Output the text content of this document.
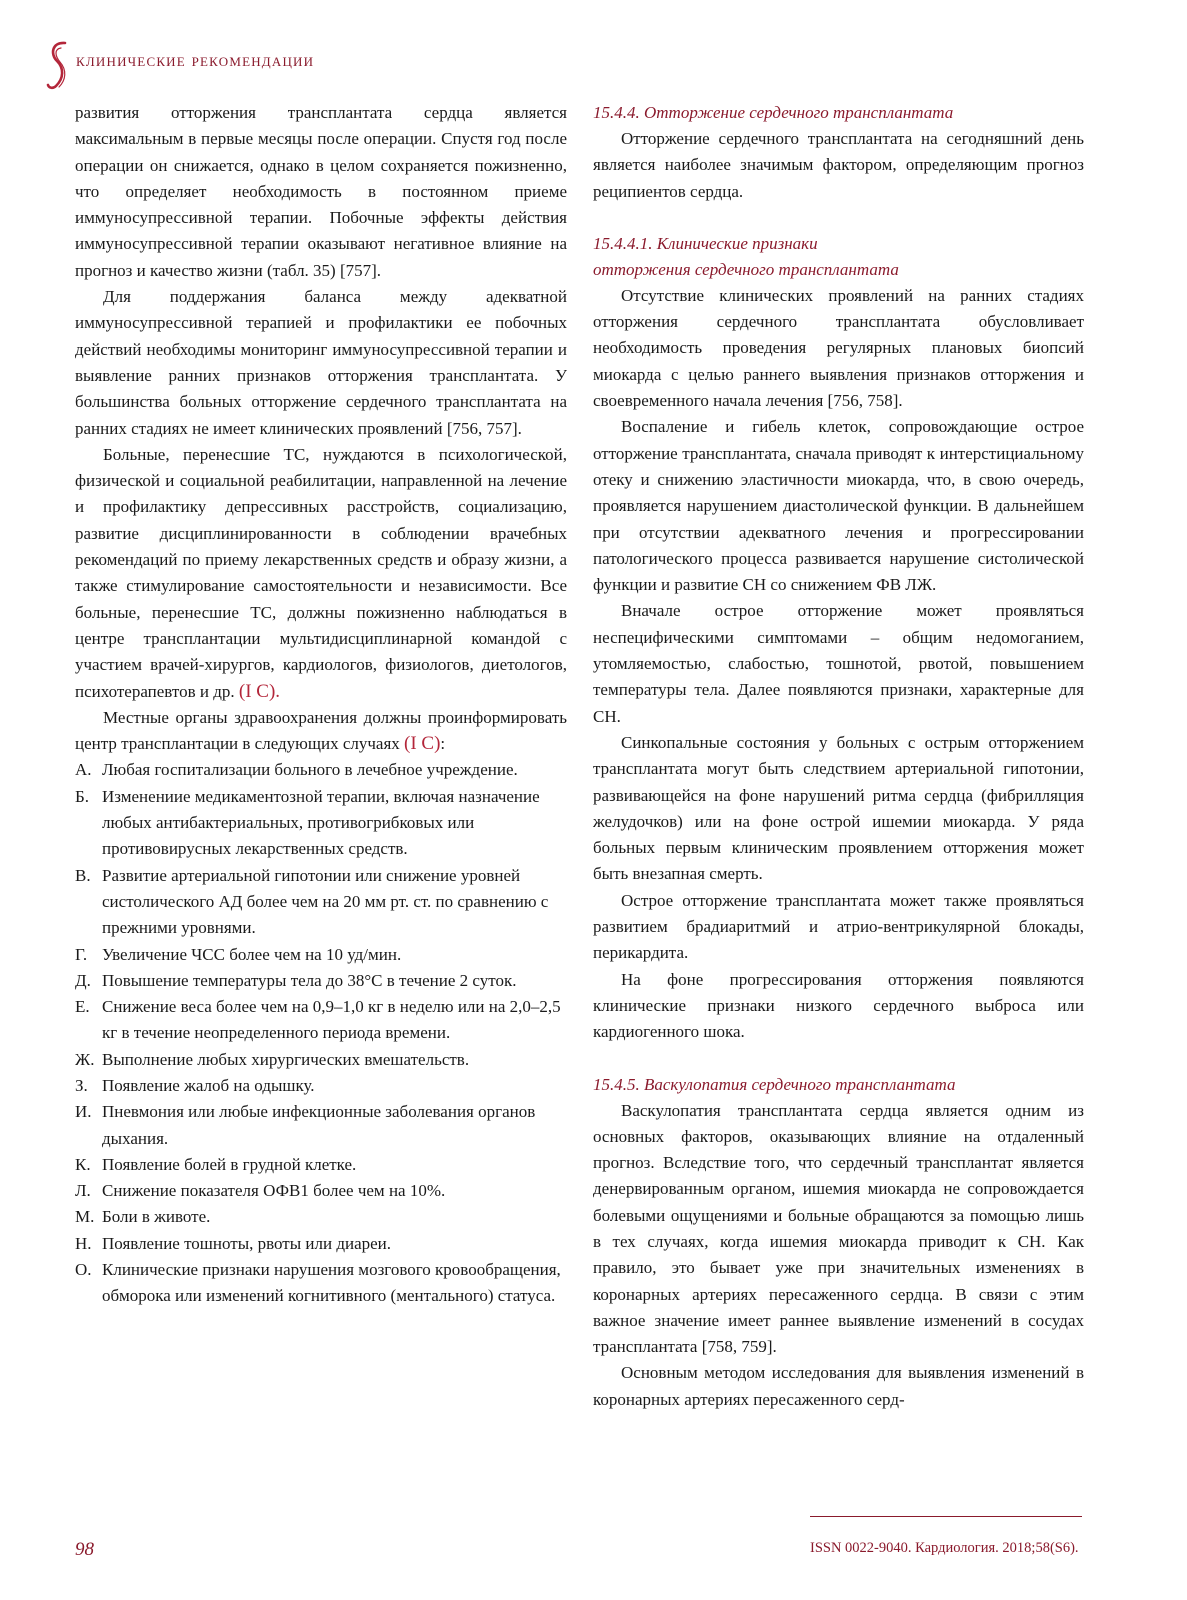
клинические рекомендации

развития отторжения трансплантата сердца является максимальным в первые месяцы после операции. Спустя год после операции он снижается, однако в целом сохраняется пожизненно, что определяет необходимость в постоянном приеме иммуносупрессивной терапии. Побочные эффекты действия иммуносупрессивной терапии оказывают негативное влияние на прогноз и качество жизни (табл. 35) [757].

Для поддержания баланса между адекватной иммуносупрессивной терапией и профилактики ее побочных действий необходимы мониторинг иммуносупрессивной терапии и выявление ранних признаков отторжения трансплантата. У большинства больных отторжение сердечного трансплантата на ранних стадиях не имеет клинических проявлений [756, 757].

Больные, перенесшие ТС, нуждаются в психологической, физической и социальной реабилитации, направленной на лечение и профилактику депрессивных расстройств, социализацию, развитие дисциплинированности в соблюдении врачебных рекомендаций по приему лекарственных средств и образу жизни, а также стимулирование самостоятельности и независимости. Все больные, перенесшие ТС, должны пожизненно наблюдаться в центре трансплантации мультидисциплинарной командой с участием врачей-хирургов, кардиологов, физиологов, диетологов, психотерапевтов и др. (I C).

Местные органы здравоохранения должны проинформировать центр трансплантации в следующих случаях (I C):

А. Любая госпитализации больного в лечебное учреждение.
Б. Изменениие медикаментозной терапии, включая назначение любых антибактериальных, противогрибковых или противовирусных лекарственных средств.
В. Развитие артериальной гипотонии или снижение уровней систолического АД более чем на 20 мм рт. ст. по сравнению с прежними уровнями.
Г. Увеличение ЧСС более чем на 10 уд/мин.
Д. Повышение температуры тела до 38°С в течение 2 суток.
Е. Снижение веса более чем на 0,9–1,0 кг в неделю или на 2,0–2,5 кг в течение неопределенного периода времени.
Ж. Выполнение любых хирургических вмешательств.
З. Появление жалоб на одышку.
И. Пневмония или любые инфекционные заболевания органов дыхания.
К. Появление болей в грудной клетке.
Л. Снижение показателя ОФВ1 более чем на 10%.
М. Боли в животе.
Н. Появление тошноты, рвоты или диареи.
О. Клинические признаки нарушения мозгового кровообращения, обморока или изменений когнитивного (ментального) статуса.
15.4.4. Отторжение сердечного трансплантата

Отторжение сердечного трансплантата на сегодняшний день является наиболее значимым фактором, определяющим прогноз реципиентов сердца.

15.4.4.1. Клинические признаки
отторжения сердечного трансплантата

Отсутствие клинических проявлений на ранних стадиях отторжения сердечного трансплантата обусловливает необходимость проведения регулярных плановых биопсий миокарда с целью раннего выявления признаков отторжения и своевременного начала лечения [756, 758].

Воспаление и гибель клеток, сопровождающие острое отторжение трансплантата, сначала приводят к интерстициальному отеку и снижению эластичности миокарда, что, в свою очередь, проявляется нарушением диастолической функции. В дальнейшем при отсутствии адекватного лечения и прогрессировании патологического процесса развивается нарушение систолической функции и развитие СН со снижением ФВ ЛЖ.

Вначале острое отторжение может проявляться неспецифическими симптомами – общим недомоганием, утомляемостью, слабостью, тошнотой, рвотой, повышением температуры тела. Далее появляются признаки, характерные для СН.

Синкопальные состояния у больных с острым отторжением трансплантата могут быть следствием артериальной гипотонии, развивающейся на фоне нарушений ритма сердца (фибрилляция желудочков) или на фоне острой ишемии миокарда. У ряда больных первым клиническим проявлением отторжения может быть внезапная смерть.

Острое отторжение трансплантата может также проявляться развитием брадиаритмий и атрио-вентрикулярной блокады, перикардита.

На фоне прогрессирования отторжения появляются клинические признаки низкого сердечного выброса или кардиогенного шока.

15.4.5. Васкулопатия сердечного трансплантата

Васкулопатия трансплантата сердца является одним из основных факторов, оказывающих влияние на отдаленный прогноз. Вследствие того, что сердечный трансплантат является денервированным органом, ишемия миокарда не сопровождается болевыми ощущениями и больные обращаются за помощью лишь в тех случаях, когда ишемия миокарда приводит к СН. Как правило, это бывает уже при значительных изменениях в коронарных артериях пересаженного сердца. В связи с этим важное значение имеет раннее выявление изменений в сосудах трансплантата [758, 759].

Основным методом исследования для выявления изменений в коронарных артериях пересаженного серд-

98	ISSN 0022-9040. Кардиология. 2018;58(S6).
